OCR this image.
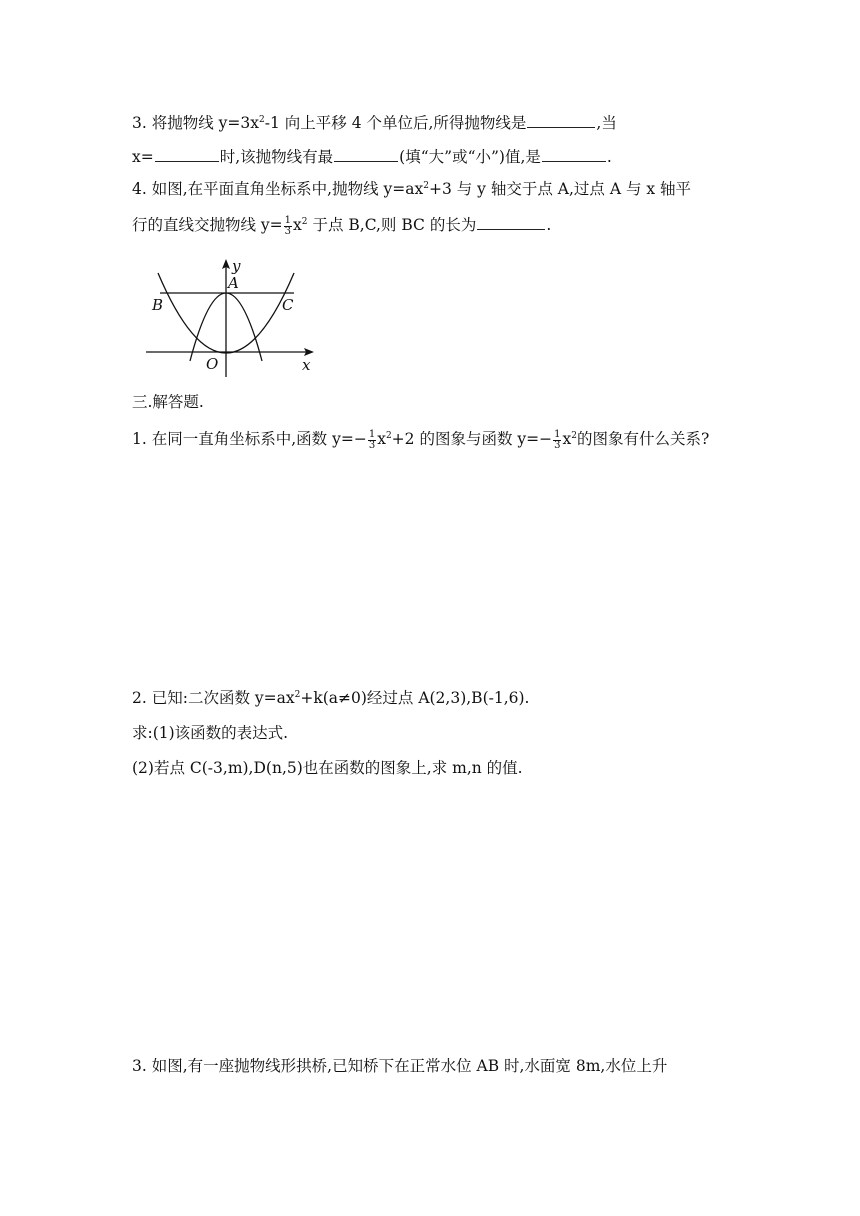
3. 将抛物线 $y=3x^2-1$ 向上平移 4 个单位后,所得抛物线是	,当
x=	时,该抛物线有最	(填“大”或“小”)值,是	.
4. 如图,在平面直角坐标系中,抛物线 $y=ax^2+3$ 与 y 轴交于点 A,过点 A 与 x 轴平
行的直线交抛物线 $y= \frac{1}{3} x^2$ 于点 B,C,则 BC 的长为	.
y
A
B	C
O	x
三.解答题.
1. 在同一直角坐标系中,函数 $y=- \frac{1}{3} x^2+2$ 的图象与函数 $y=- \frac{1}{3} x^2$的图象有什么关系?
2. 已知:二次函数 $y=ax^2+k(a\ne 0)$经过点 A(2,3),B(-1,6).
求:(1)该函数的表达式.
(2)若点 C(-3,m),D(n,5)也在函数的图象上,求 m,n 的值.
3. 如图,有一座抛物线形拱桥,已知桥下在正常水位 AB 时,水面宽 8m,水位上升
